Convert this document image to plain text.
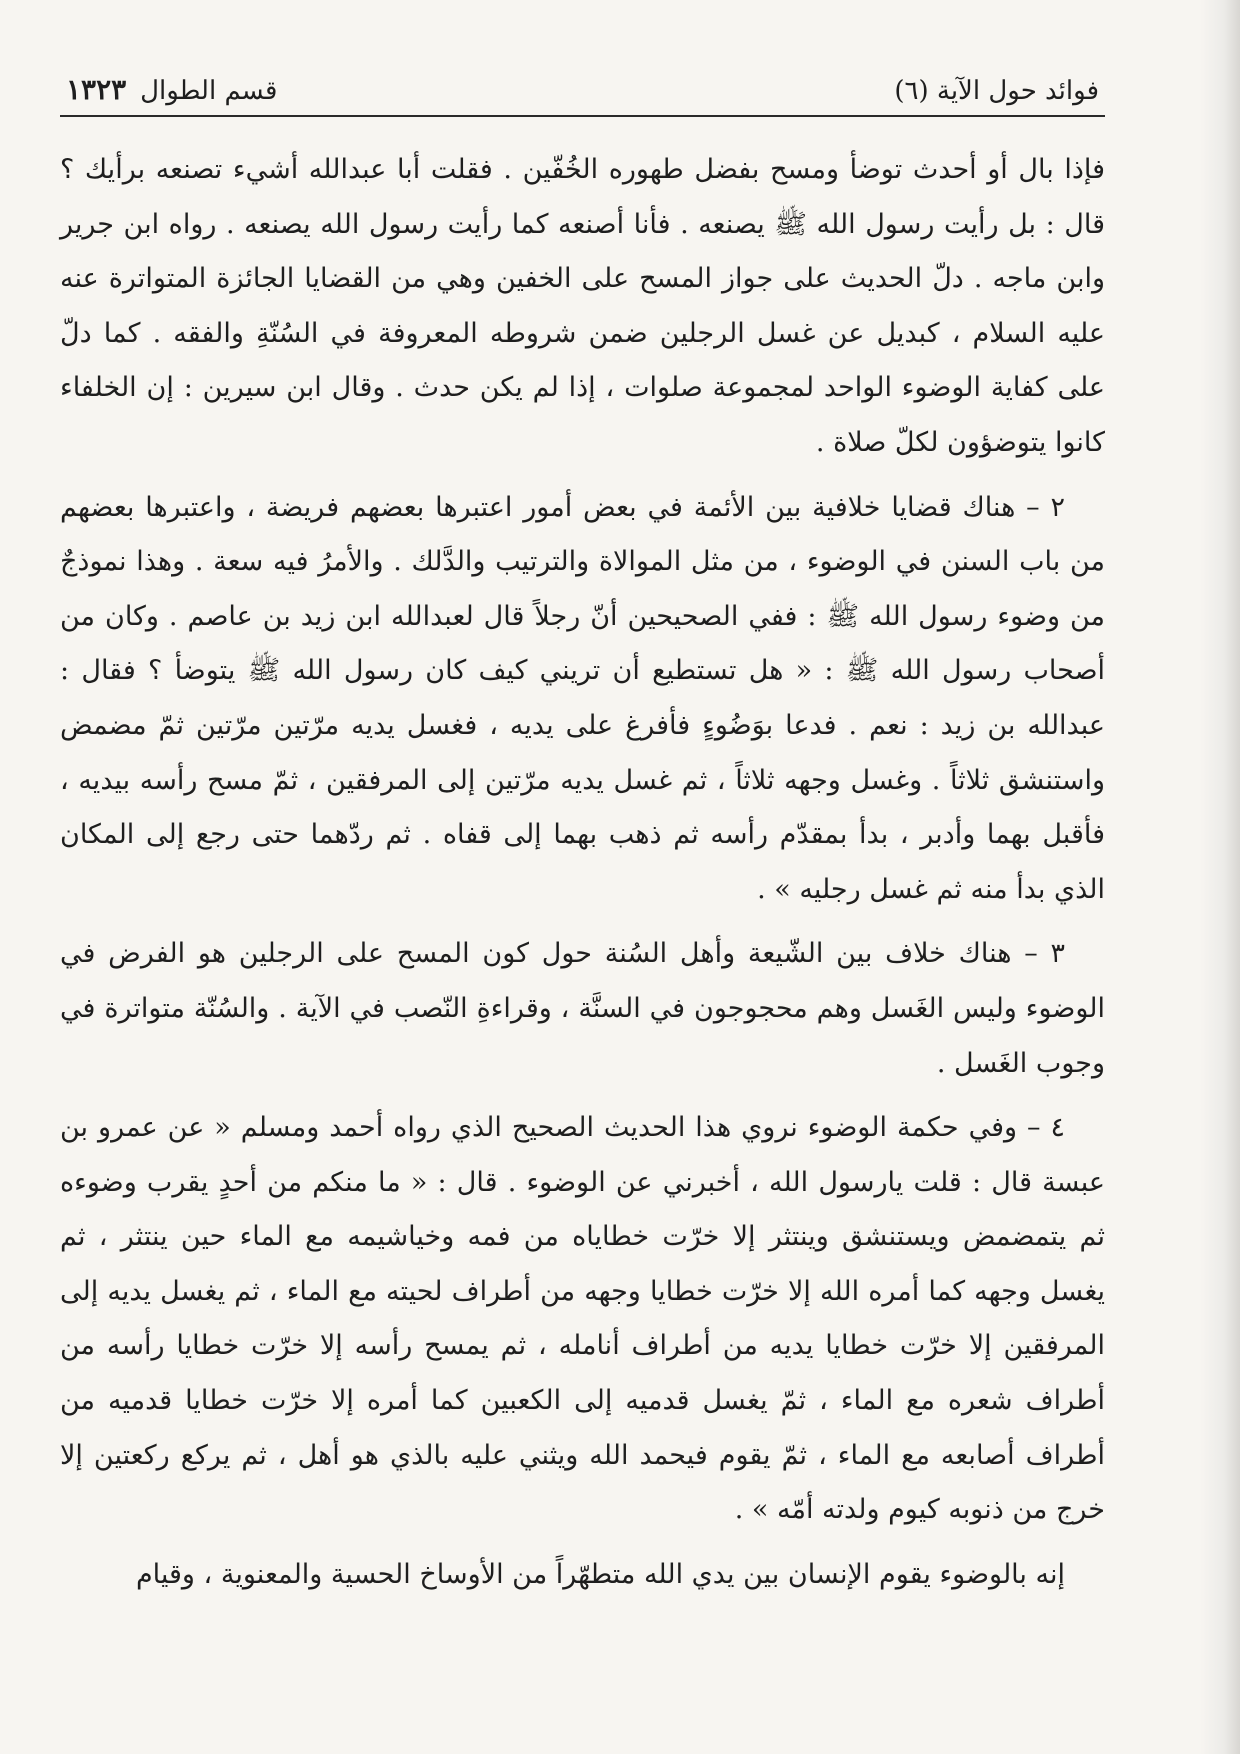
فوائد حول الآية (٦)
قسم الطوال
١٣٢٣

فإذا بال أو أحدث توضأ ومسح بفضل طهوره الخُفّين . فقلت أبا عبدالله أشيء تصنعه برأيك ؟ قال : بل رأيت رسول الله ﷺ يصنعه . فأنا أصنعه كما رأيت رسول الله يصنعه . رواه ابن جرير وابن ماجه . دلّ الحديث على جواز المسح على الخفين وهي من القضايا الجائزة المتواترة عنه عليه السلام ، كبديل عن غسل الرجلين ضمن شروطه المعروفة في السُنّةِ والفقه . كما دلّ على كفاية الوضوء الواحد لمجموعة صلوات ، إذا لم يكن حدث . وقال ابن سيرين : إن الخلفاء كانوا يتوضؤون لكلّ صلاة .

٢ – هناك قضايا خلافية بين الأئمة في بعض أمور اعتبرها بعضهم فريضة ، واعتبرها بعضهم من باب السنن في الوضوء ، من مثل الموالاة والترتيب والدَّلك . والأمرُ فيه سعة . وهذا نموذجٌ من وضوء رسول الله ﷺ : ففي الصحيحين أنّ رجلاً قال لعبدالله ابن زيد بن عاصم . وكان من أصحاب رسول الله ﷺ : « هل تستطيع أن تريني كيف كان رسول الله ﷺ يتوضأ ؟ فقال : عبدالله بن زيد : نعم . فدعا بوَضُوءٍ فأفرغ على يديه ، فغسل يديه مرّتين مرّتين ثمّ مضمض واستنشق ثلاثاً . وغسل وجهه ثلاثاً ، ثم غسل يديه مرّتين إلى المرفقين ، ثمّ مسح رأسه بيديه ، فأقبل بهما وأدبر ، بدأ بمقدّم رأسه ثم ذهب بهما إلى قفاه . ثم ردّهما حتى رجع إلى المكان الذي بدأ منه ثم غسل رجليه » .

٣ – هناك خلاف بين الشّيعة وأهل السُنة حول كون المسح على الرجلين هو الفرض في الوضوء وليس الغَسل وهم محجوجون في السنَّة ، وقراءةِ النّصب في الآية . والسُنّة متواترة في وجوب الغَسل .

٤ – وفي حكمة الوضوء نروي هذا الحديث الصحيح الذي رواه أحمد ومسلم « عن عمرو بن عبسة قال : قلت يارسول الله ، أخبرني عن الوضوء . قال : « ما منكم من أحدٍ يقرب وضوءه ثم يتمضمض ويستنشق وينتثر إلا خرّت خطاياه من فمه وخياشيمه مع الماء حين ينتثر ، ثم يغسل وجهه كما أمره الله إلا خرّت خطايا وجهه من أطراف لحيته مع الماء ، ثم يغسل يديه إلى المرفقين إلا خرّت خطايا يديه من أطراف أنامله ، ثم يمسح رأسه إلا خرّت خطايا رأسه من أطراف شعره مع الماء ، ثمّ يغسل قدميه إلى الكعبين كما أمره إلا خرّت خطايا قدميه من أطراف أصابعه مع الماء ، ثمّ يقوم فيحمد الله ويثني عليه بالذي هو أهل ، ثم يركع ركعتين إلا خرج من ذنوبه كيوم ولدته أمّه » .

إنه بالوضوء يقوم الإنسان بين يدي الله متطهّراً من الأوساخ الحسية والمعنوية ، وقيام
